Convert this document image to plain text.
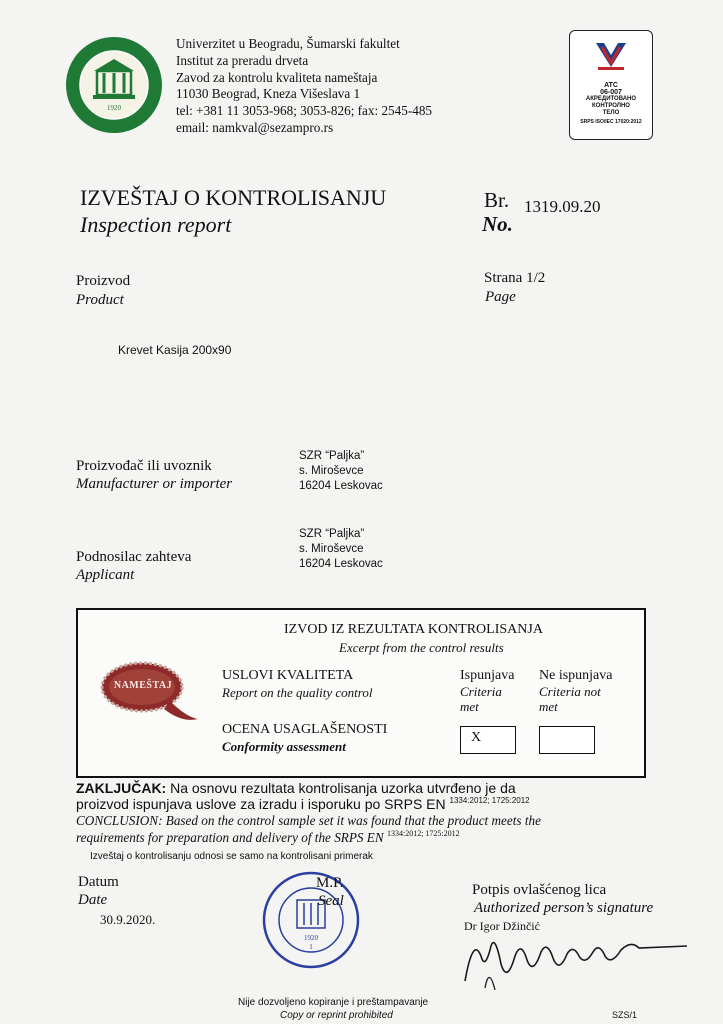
1920
Univerzitet u Beogradu, Šumarski fakultet
Institut za preradu drveta
Zavod za kontrolu kvaliteta nameštaja
11030 Beograd, Kneza Višeslava 1
tel: +381 11 3053-968; 3053-826; fax: 2545-485
email: namkval@sezampro.rs
ATC
06-007
АКРЕДИТОВАНО
КОНТРОЛНО
ТЕЛО
SRPS ISO/IEC 17020:2012
IZVEŠTAJ O KONTROLISANJU
Inspection report
Br. 1319.09.20
No.
Proizvod
Product
Strana 1/2
Page
Krevet Kasija 200x90
Proizvođač ili uvoznik
Manufacturer or importer
SZR “Paljka”
s. Miroševce
16204 Leskovac
Podnosilac zahteva
Applicant
SZR “Paljka”
s. Miroševce
16204 Leskovac
IZVOD IZ REZULTATA KONTROLISANJA
Excerpt from the control results
NAMEŠTAJ
USLOVI KVALITETA
Report on the quality control
Ispunjava
Criteria
met
Ne ispunjava
Criteria not
met
OCENA USAGLAŠENOSTI
Conformity assessment
X
ZAKLJUČAK: Na osnovu rezultata kontrolisanja uzorka utvrđeno je da
proizvod ispunjava uslove za izradu i isporuku po SRPS EN $^{1334:2012; 1725:2012}$
CONCLUSION: Based on the control sample set it was found that the product meets the
requirements for preparation and delivery of the SRPS EN $^{1334:2012; 1725:2012}$
Izveštaj o kontrolisanju odnosi se samo na kontrolisani primerak
Datum
Date
30.9.2020.
1920
1
M.P.
Seal
Potpis ovlašćenog lica
Authorized person’s signature
Dr Igor Džinčić
Nije dozvoljeno kopiranje i preštampavanje
Copy or reprint prohibited	SZS/1
